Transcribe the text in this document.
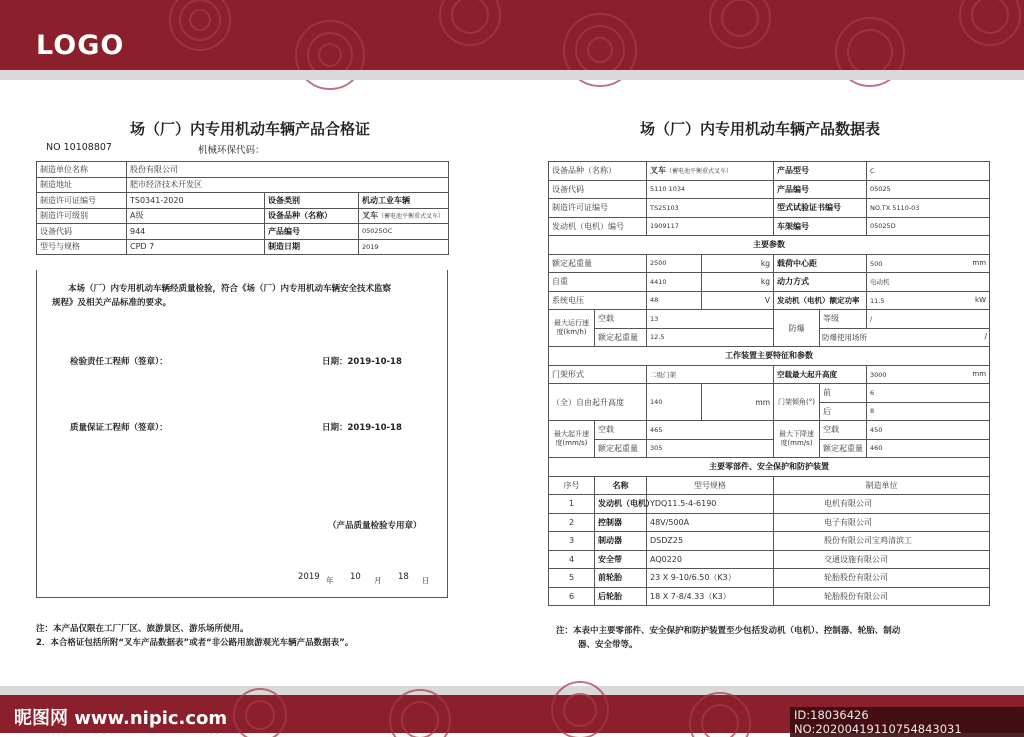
LOGO
场（厂）内专用机动车辆产品合格证
NO 10108807	机械环保代码：
制造单位名称	股份有限公司		
制造地址	肥市经济技术开发区		
制造许可证编号	TS0341-2020	设备类别	机动工业车辆
制造许可级别	A级	设备品种（名称）	叉车（蓄电池平衡重式叉车）
设备代码	944	产品编号	05025OC
型号与规格	CPD 7	制造日期	2019
本场（厂）内专用机动车辆经质量检验，符合《场（厂）内专用机动车辆安全技术监察
规程》及相关产品标准的要求。
检验责任工程师（签章）：	日期：2019-10-18
质量保证工程师（签章）：	日期：2019-10-18
（产品质量检验专用章）
2019 年 10 月 18 日
注：本产品仅限在工厂厂区、旅游景区、游乐场所使用。
2．本合格证包括所附“叉车产品数据表”或者“非公路用旅游观光车辆产品数据表”。
场（厂）内专用机动车辆产品数据表
设备品种（名称）		叉车（蓄电池平衡重式叉车）		产品型号		C
设备代码		5110 1034		产品编号		05025
制造许可证编号		TS25103		型式试验证书编号		NO.TX 5110-03
发动机（电机）编号		1909117		车架编号		05025D
主要参数						
额定起重量		2500	kg	载荷中心距		500 mm

自重		4410	kg	动力方式		电动机
系统电压		48	V	发动机（电机）额定功率		11.5 kW

最大运行速度(km/h)	空载	13		防爆	等级	/
	额定起重量	12.5			防爆使用场所 /	

工作装置主要特征和参数						
门架形式		二级门架		空载最大起升高度		3000 mm

（全）自由起升高度		140	mm	门架倾角(°)	前	6
					后	8
最大起升速度(mm/s)	空载	465		最大下降速度(mm/s)	空载	450
	额定起重量	305			额定起重量	460
主要零部件、安全保护和防护装置						
序号	名称	型号规格		制造单位		
1	发动机（电机）	YDQ11.5-4-6190		电机有限公司		
2	控制器	48V/500A		电子有限公司		
3	制动器	DSDZ25		股份有限公司宝鸡清滨工		
4	安全带	AQ0220		交通设施有限公司		
5	前轮胎	23 X 9-10/6.50（K3）		轮胎股份有限公司		
6	后轮胎	18 X 7-8/4.33（K3）		轮胎股份有限公司		
注：本表中主要零部件、安全保护和防护装置至少包括发动机（电机）、控制器、轮胎、制动
器、安全带等。
昵图网 www.nipic.com	ID:18036426 NO:20200419110754843031
